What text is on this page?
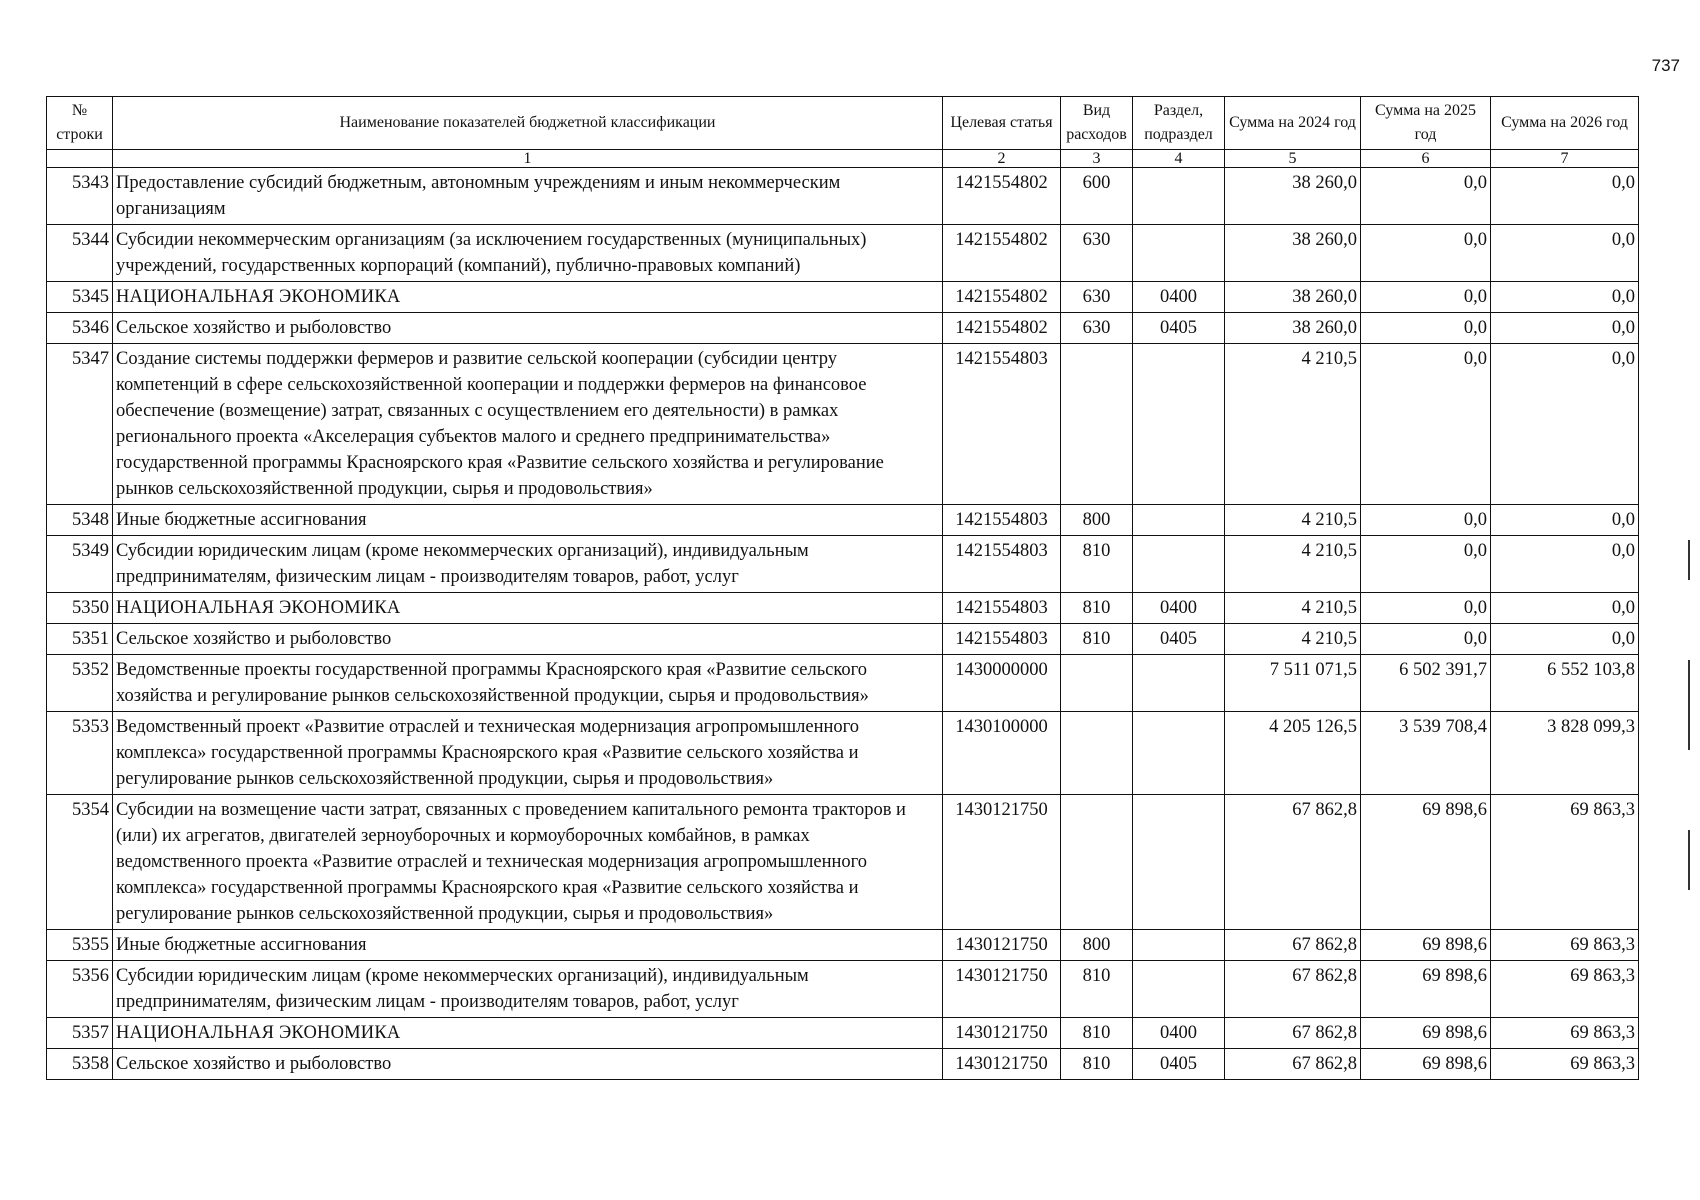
737
№ строки	Наименование показателей бюджетной классификации	Целевая статья	Вид расходов	Раздел, подраздел	Сумма на 2024 год	Сумма на 2025 год	Сумма на 2026 год
	1	2	3	4	5	6	7
5343	Предоставление субсидий бюджетным, автономным учреждениям и иным некоммерческим организациям	1421554802	600		38 260,0	0,0	0,0
5344	Субсидии некоммерческим организациям (за исключением государственных (муниципальных) учреждений, государственных корпораций (компаний), публично-правовых компаний)	1421554802	630		38 260,0	0,0	0,0
5345	НАЦИОНАЛЬНАЯ ЭКОНОМИКА	1421554802	630	0400	38 260,0	0,0	0,0
5346	Сельское хозяйство и рыболовство	1421554802	630	0405	38 260,0	0,0	0,0
5347	Создание системы поддержки фермеров и развитие сельской кооперации (субсидии центру компетенций в сфере сельскохозяйственной кооперации и поддержки фермеров на финансовое обеспечение (возмещение) затрат, связанных с осуществлением его деятельности) в рамках регионального проекта «Акселерация субъектов малого и среднего предпринимательства» государственной программы Красноярского края «Развитие сельского хозяйства и регулирование рынков сельскохозяйственной продукции, сырья и продовольствия»	1421554803			4 210,5	0,0	0,0
5348	Иные бюджетные ассигнования	1421554803	800		4 210,5	0,0	0,0
5349	Субсидии юридическим лицам (кроме некоммерческих организаций), индивидуальным предпринимателям, физическим лицам - производителям товаров, работ, услуг	1421554803	810		4 210,5	0,0	0,0
5350	НАЦИОНАЛЬНАЯ ЭКОНОМИКА	1421554803	810	0400	4 210,5	0,0	0,0
5351	Сельское хозяйство и рыболовство	1421554803	810	0405	4 210,5	0,0	0,0
5352	Ведомственные проекты государственной программы Красноярского края «Развитие сельского хозяйства и регулирование рынков сельскохозяйственной продукции, сырья и продовольствия»	1430000000			7 511 071,5	6 502 391,7	6 552 103,8
5353	Ведомственный проект «Развитие отраслей и техническая модернизация агропромышленного комплекса» государственной программы Красноярского края «Развитие сельского хозяйства и регулирование рынков сельскохозяйственной продукции, сырья и продовольствия»	1430100000			4 205 126,5	3 539 708,4	3 828 099,3
5354	Субсидии на возмещение части затрат, связанных с проведением капитального ремонта тракторов и (или) их агрегатов, двигателей зерноуборочных и кормоуборочных комбайнов, в рамках ведомственного проекта «Развитие отраслей и техническая модернизация агропромышленного комплекса» государственной программы Красноярского края «Развитие сельского хозяйства и регулирование рынков сельскохозяйственной продукции, сырья и продовольствия»	1430121750			67 862,8	69 898,6	69 863,3
5355	Иные бюджетные ассигнования	1430121750	800		67 862,8	69 898,6	69 863,3
5356	Субсидии юридическим лицам (кроме некоммерческих организаций), индивидуальным предпринимателям, физическим лицам - производителям товаров, работ, услуг	1430121750	810		67 862,8	69 898,6	69 863,3
5357	НАЦИОНАЛЬНАЯ ЭКОНОМИКА	1430121750	810	0400	67 862,8	69 898,6	69 863,3
5358	Сельское хозяйство и рыболовство	1430121750	810	0405	67 862,8	69 898,6	69 863,3
